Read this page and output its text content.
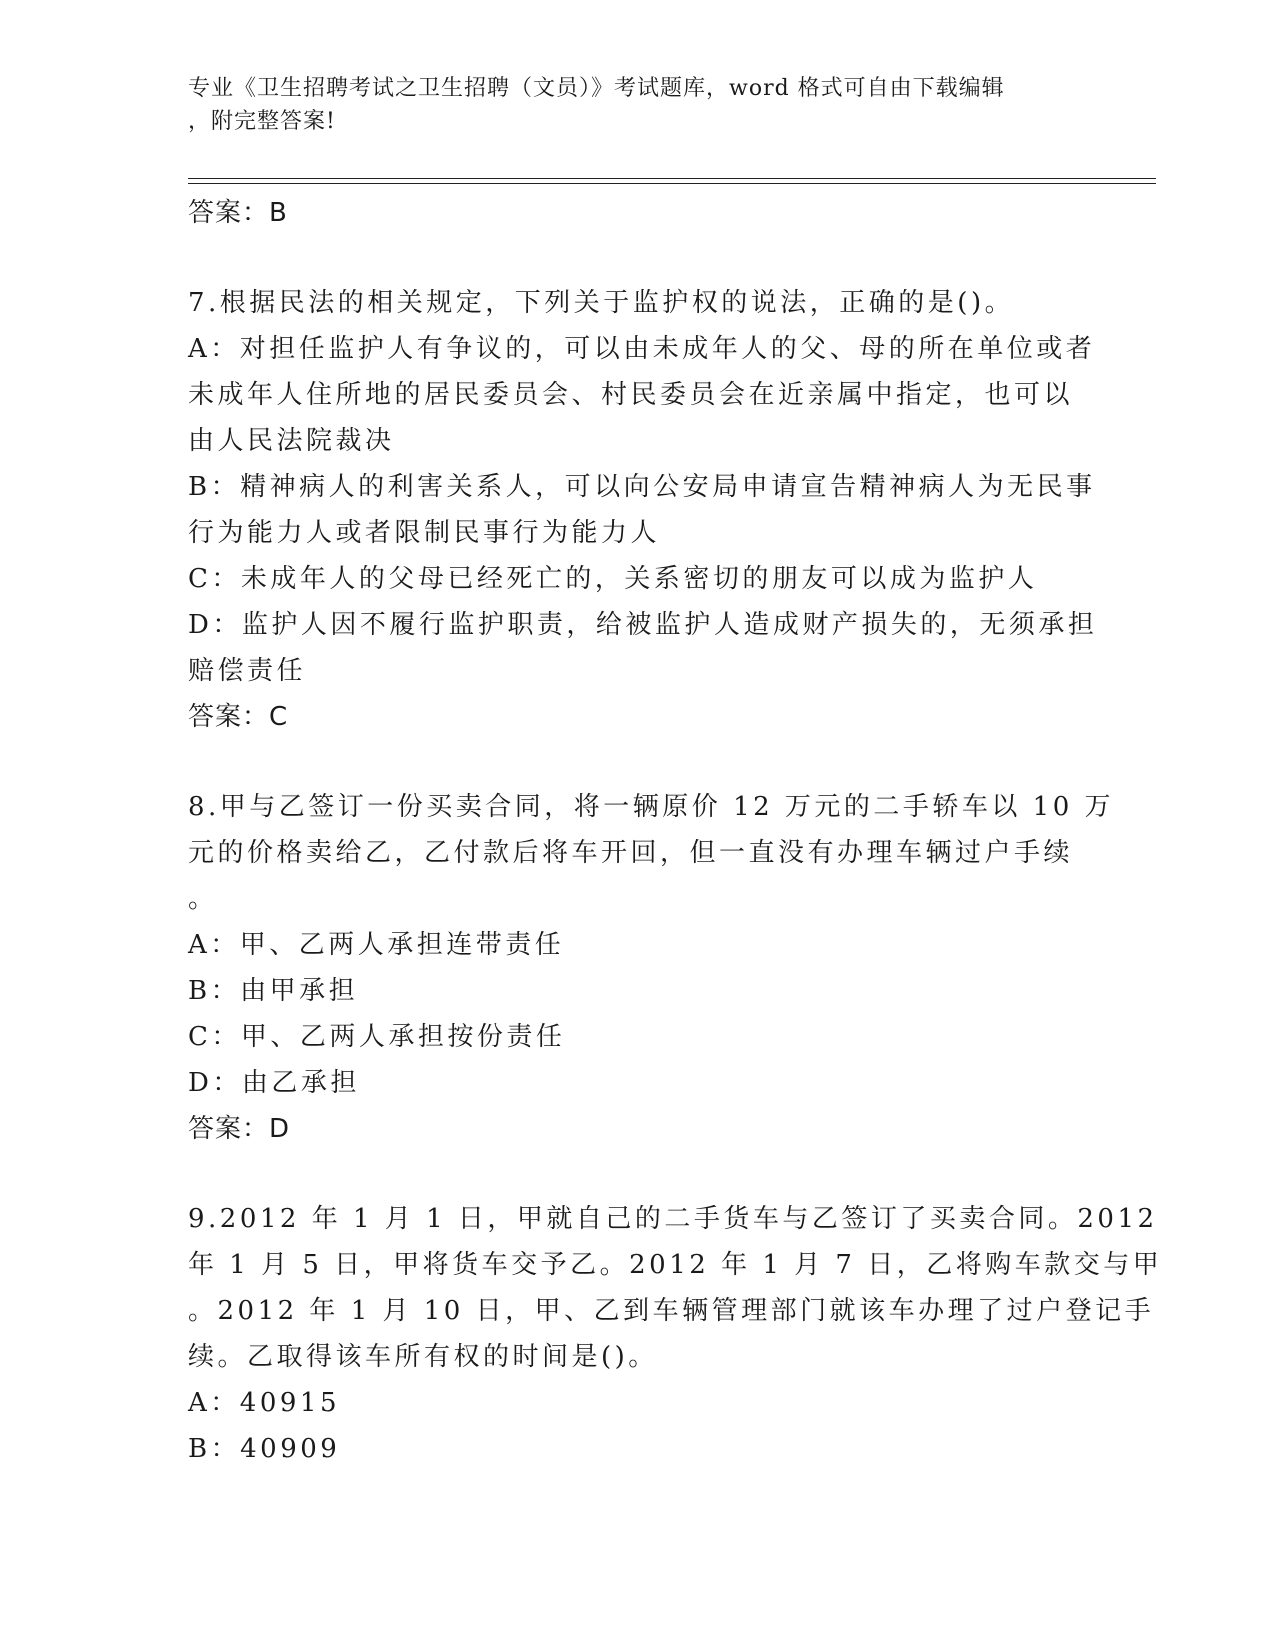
专业《卫生招聘考试之卫生招聘（文员）》考试题库，word 格式可自由下载编辑
，附完整答案!

答案：B

7.根据民法的相关规定，下列关于监护权的说法，正确的是()。

A：对担任监护人有争议的，可以由未成年人的父、母的所在单位或者

未成年人住所地的居民委员会、村民委员会在近亲属中指定，也可以

由人民法院裁决

B：精神病人的利害关系人，可以向公安局申请宣告精神病人为无民事

行为能力人或者限制民事行为能力人

C：未成年人的父母已经死亡的，关系密切的朋友可以成为监护人

D：监护人因不履行监护职责，给被监护人造成财产损失的，无须承担

赔偿责任

答案：C

8.甲与乙签订一份买卖合同，将一辆原价 12 万元的二手轿车以 10 万

元的价格卖给乙，乙付款后将车开回，但一直没有办理车辆过户手续

。

A：甲、乙两人承担连带责任

B：由甲承担

C：甲、乙两人承担按份责任

D：由乙承担

答案：D

9.2012 年 1 月 1 日，甲就自己的二手货车与乙签订了买卖合同。2012

年 1 月 5 日，甲将货车交予乙。2012 年 1 月 7 日，乙将购车款交与甲

。2012 年 1 月 10 日，甲、乙到车辆管理部门就该车办理了过户登记手

续。乙取得该车所有权的时间是()。

A：40915

B：40909
